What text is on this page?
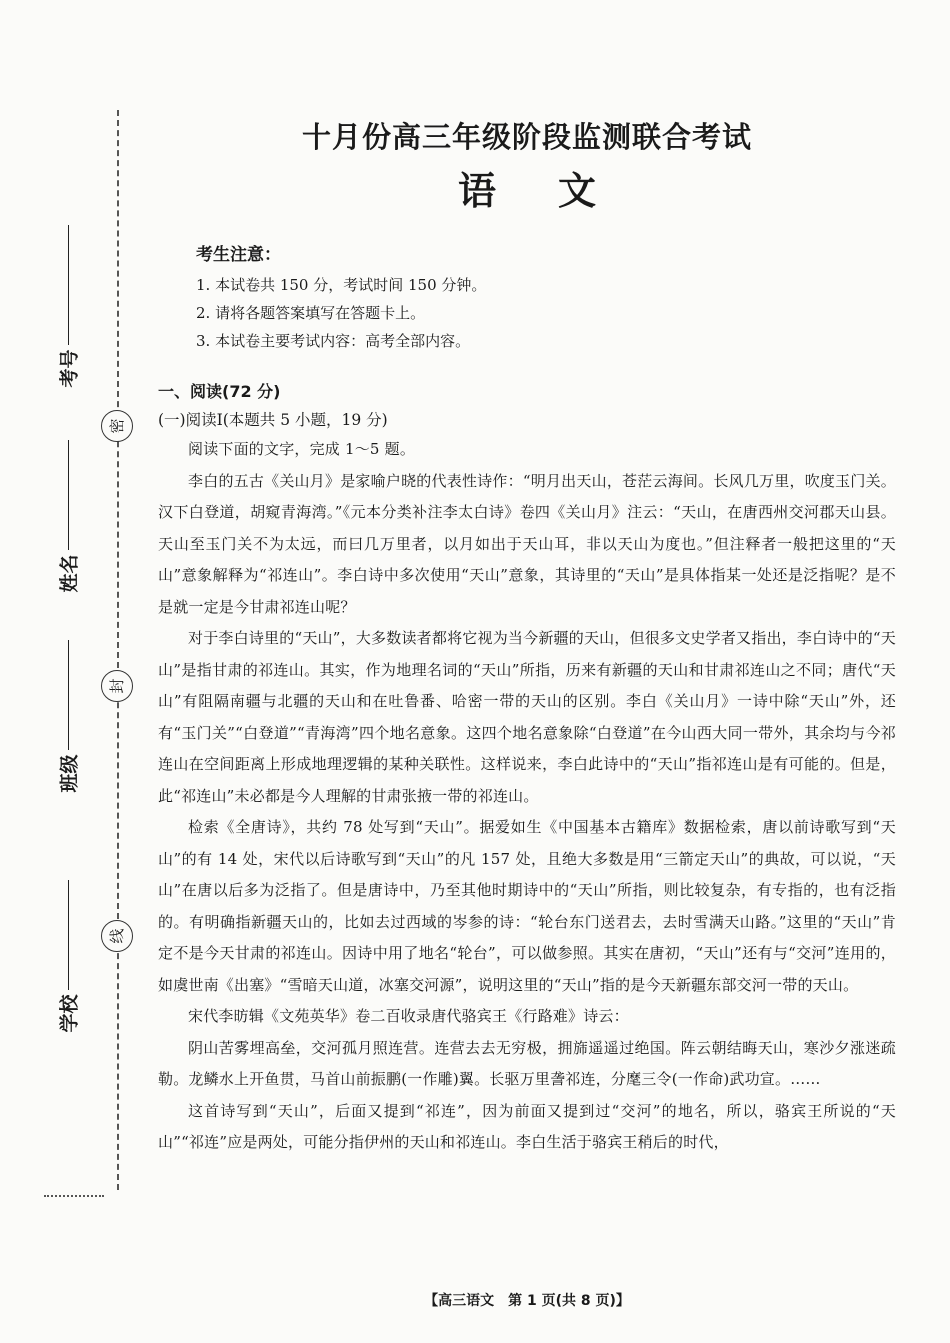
密
封
线
考号
姓名
班级
学校
十月份高三年级阶段监测联合考试
语文
考生注意：

1. 本试卷共 150 分，考试时间 150 分钟。

2. 请将各题答案填写在答题卡上。

3. 本试卷主要考试内容：高考全部内容。

一、阅读(72 分)

(一)阅读Ⅰ(本题共 5 小题，19 分)

阅读下面的文字，完成 1～5 题。

李白的五古《关山月》是家喻户晓的代表性诗作：“明月出天山，苍茫云海间。长风几万里，吹度玉门关。汉下白登道，胡窥青海湾。”《元本分类补注李太白诗》卷四《关山月》注云：“天山，在唐西州交河郡天山县。天山至玉门关不为太远，而曰几万里者，以月如出于天山耳，非以天山为度也。”但注释者一般把这里的“天山”意象解释为“祁连山”。李白诗中多次使用“天山”意象，其诗里的“天山”是具体指某一处还是泛指呢？是不是就一定是今甘肃祁连山呢？

对于李白诗里的“天山”，大多数读者都将它视为当今新疆的天山，但很多文史学者又指出，李白诗中的“天山”是指甘肃的祁连山。其实，作为地理名词的“天山”所指，历来有新疆的天山和甘肃祁连山之不同；唐代“天山”有阻隔南疆与北疆的天山和在吐鲁番、哈密一带的天山的区别。李白《关山月》一诗中除“天山”外，还有“玉门关”“白登道”“青海湾”四个地名意象。这四个地名意象除“白登道”在今山西大同一带外，其余均与今祁连山在空间距离上形成地理逻辑的某种关联性。这样说来，李白此诗中的“天山”指祁连山是有可能的。但是，此“祁连山”未必都是今人理解的甘肃张掖一带的祁连山。

检索《全唐诗》，共约 78 处写到“天山”。据爱如生《中国基本古籍库》数据检索，唐以前诗歌写到“天山”的有 14 处，宋代以后诗歌写到“天山”的凡 157 处，且绝大多数是用“三箭定天山”的典故，可以说，“天山”在唐以后多为泛指了。但是唐诗中，乃至其他时期诗中的“天山”所指，则比较复杂，有专指的，也有泛指的。有明确指新疆天山的，比如去过西域的岑参的诗：“轮台东门送君去，去时雪满天山路。”这里的“天山”肯定不是今天甘肃的祁连山。因诗中用了地名“轮台”，可以做参照。其实在唐初，“天山”还有与“交河”连用的，如虞世南《出塞》“雪暗天山道，冰塞交河源”，说明这里的“天山”指的是今天新疆东部交河一带的天山。

宋代李昉辑《文苑英华》卷二百收录唐代骆宾王《行路难》诗云：

阴山苦雾埋高垒，交河孤月照连营。连营去去无穷极，拥旆遥遥过绝国。阵云朝结晦天山，寒沙夕涨迷疏勒。龙鳞水上开鱼贯，马首山前振鹏(一作雕)翼。长驱万里詟祁连，分麾三令(一作命)武功宣。……

这首诗写到“天山”，后面又提到“祁连”，因为前面又提到过“交河”的地名，所以，骆宾王所说的“天山”“祁连”应是两处，可能分指伊州的天山和祁连山。李白生活于骆宾王稍后的时代，

【高三语文　第 1 页(共 8 页)】
